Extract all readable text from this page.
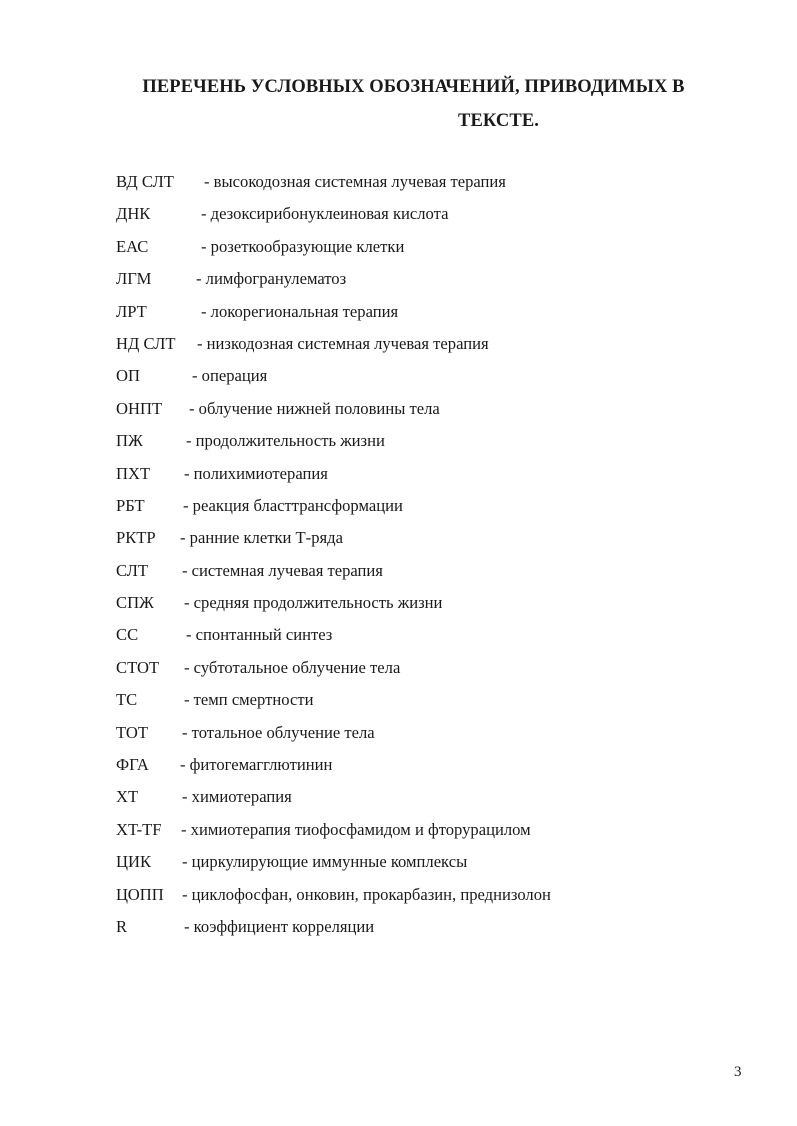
ПЕРЕЧЕНЬ УСЛОВНЫХ ОБОЗНАЧЕНИЙ, ПРИВОДИМЫХ В
ТЕКСТЕ.
ВД СЛТ - высокодозная системная лучевая терапия
ДНК	- дезоксирибонуклеиновая кислота
ЕАС	- розеткообразующие клетки
ЛГМ	- лимфогранулематоз
ЛРТ	- локорегиональная терапия
НД СЛТ - низкодозная системная лучевая терапия
ОП	- операция
ОНПТ - облучение нижней половины тела
ПЖ	- продолжительность жизни
ПХТ - полихимиотерапия
РБТ - реакция бласттрансформации
РКТР - ранние клетки Т-ряда
СЛТ - системная лучевая терапия
СПЖ - средняя продолжительность жизни
СС	- спонтанный синтез
СТОТ - субтотальное облучение тела
ТС	- темп смертности
ТОТ - тотальное облучение тела
ФГА - фитогемагглютинин
ХТ	- химиотерапия
XT-TF - химиотерапия тиофосфамидом и фторурацилом
ЦИК - циркулирующие иммунные комплексы
ЦОПП - циклофосфан, онковин, прокарбазин, преднизолон
R	- коэффициент корреляции
3
